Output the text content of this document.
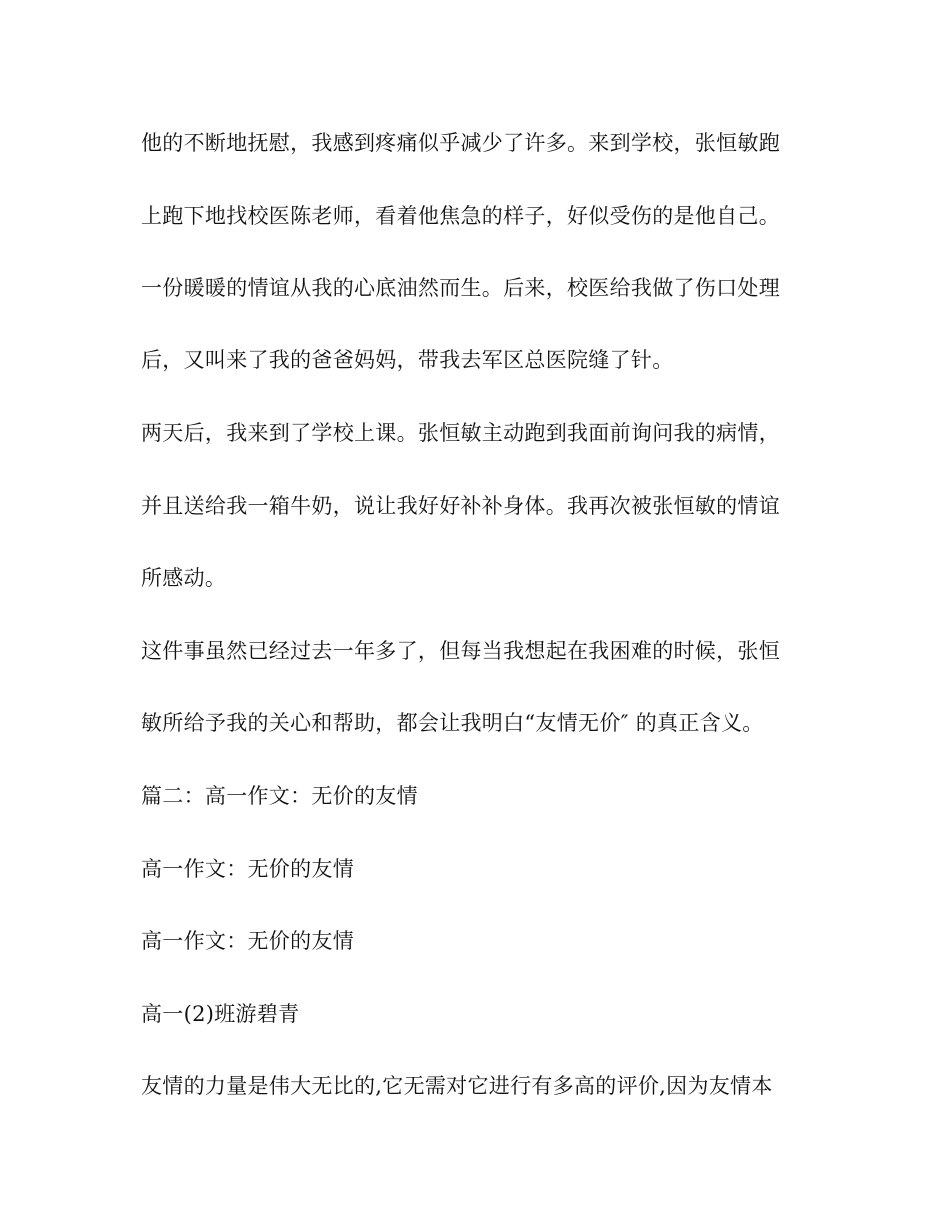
他的不断地抚慰，我感到疼痛似乎减少了许多。来到学校，张恒敏跑
上跑下地找校医陈老师，看着他焦急的样子，好似受伤的是他自己。
一份暖暖的情谊从我的心底油然而生。后来，校医给我做了伤口处理
后，又叫来了我的爸爸妈妈，带我去军区总医院缝了针。
两天后，我来到了学校上课。张恒敏主动跑到我面前询问我的病情，
并且送给我一箱牛奶，说让我好好补补身体。我再次被张恒敏的情谊
所感动。
这件事虽然已经过去一年多了，但每当我想起在我困难的时候，张恒
敏所给予我的关心和帮助，都会让我明白“友情无价″ 的真正含义。
篇二：高一作文：无价的友情
高一作文：无价的友情
高一作文：无价的友情
高一(2)班游碧青
友情的力量是伟大无比的,它无需对它进行有多高的评价,因为友情本
